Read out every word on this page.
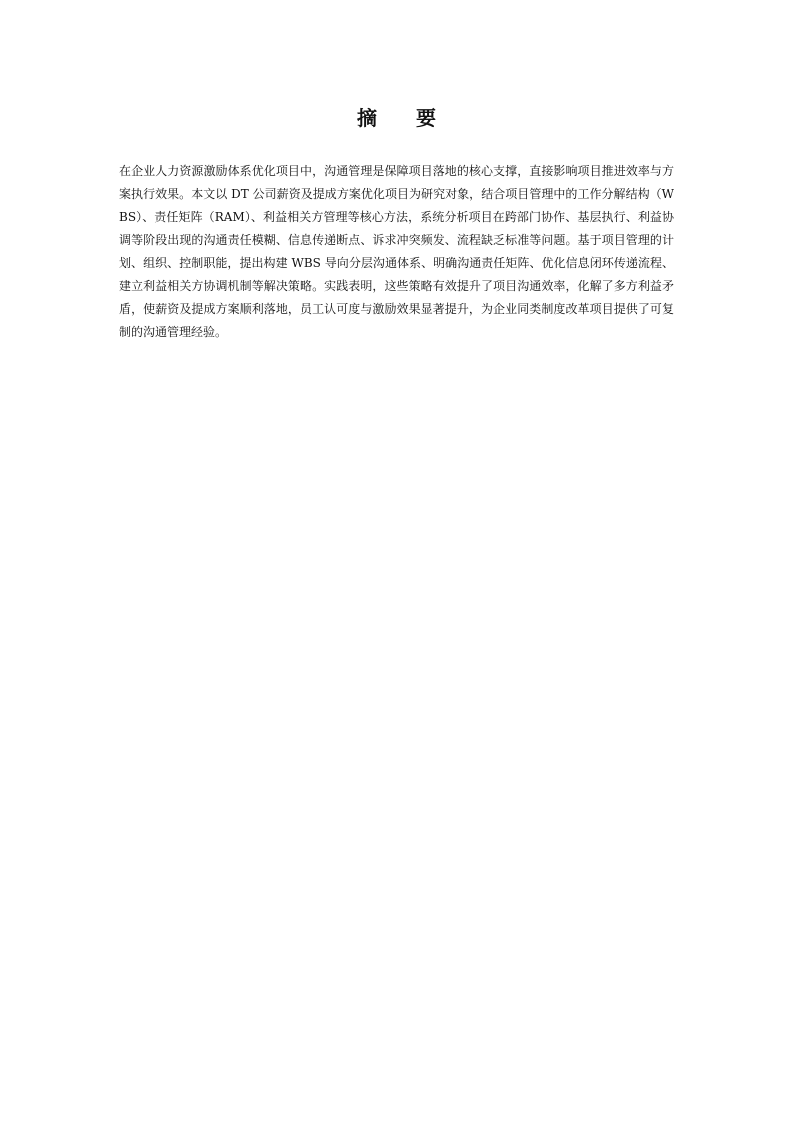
摘 要
在企业人力资源激励体系优化项目中，沟通管理是保障项目落地的核心支撑，直接影响项目推进效率与方案执行效果。本文以 DT 公司薪资及提成方案优化项目为研究对象，结合项目管理中的工作分解结构（WBS）、责任矩阵（RAM）、利益相关方管理等核心方法，系统分析项目在跨部门协作、基层执行、利益协调等阶段出现的沟通责任模糊、信息传递断点、诉求冲突频发、流程缺乏标准等问题。基于项目管理的计划、组织、控制职能，提出构建 WBS 导向分层沟通体系、明确沟通责任矩阵、优化信息闭环传递流程、建立利益相关方协调机制等解决策略。实践表明，这些策略有效提升了项目沟通效率，化解了多方利益矛盾，使薪资及提成方案顺利落地，员工认可度与激励效果显著提升，为企业同类制度改革项目提供了可复制的沟通管理经验。
